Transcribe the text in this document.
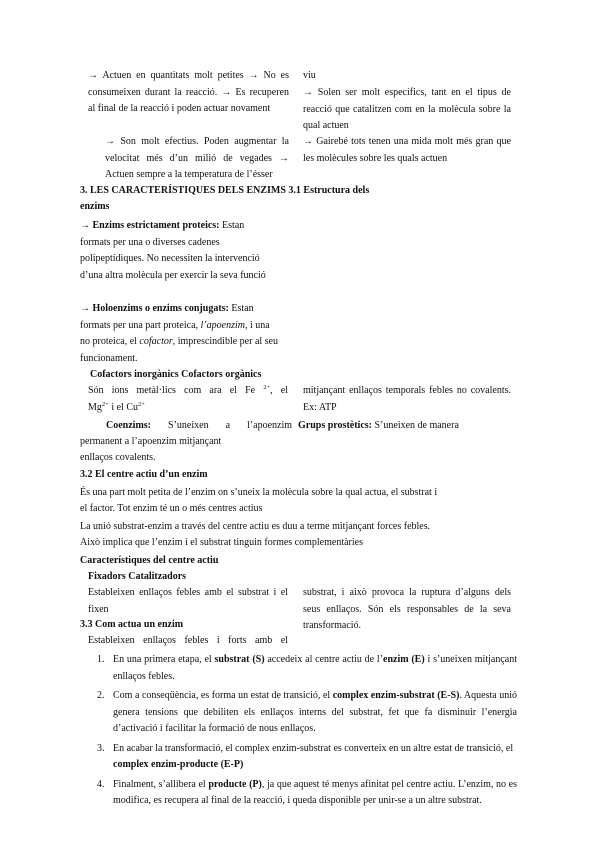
→ Actuen en quantitats molt petites → No es consumeixen durant la reacció. → Es recuperen al final de la reacció i poden actuar novament
→ Son molt efectius. Poden augmentar la velocitat més d’un milió de vegades → Actuen sempre a la temperatura de l’ésser
viu
→ Solen ser molt específics, tant en el tipus de reacció que catalitzen com en la molècula sobre la qual actuen
→ Gairebé tots tenen una mida molt més gran que les molècules sobre les quals actuen
3. LES CARACTERÍSTIQUES DELS ENZIMS 3.1 Estructura dels
enzims
→ Enzims estrictament proteics: Estan formats per una o diverses cadenes polipeptídiques. No necessiten la intervenció d’una altra molècula per exercir la seva funció
→ Holoenzims o enzims conjugats: Estan formats per una part proteica, l’apoenzim, i una no proteica, el cofactor, imprescindible per al seu funcionament.
Cofactors inorgànics Cofactors orgànics
Són ions metàl·lics com ara el Fe $^{2+}$, el
$Mg^{2+}$ i el $Cu^{2+}$
mitjançant enllaços temporals febles no covalents. Ex: ATP
Coenzims: S’uneixen a l’apoenzim Grups prostètics: S’uneixen de manera
permanent a l’apoenzim mitjançant
enllaços covalents.
3.2 El centre actiu d’un enzim
És una part molt petita de l’enzim on s’uneix la molècula sobre la qual actua, el substrat i
el factor. Tot enzim té un o més centres actius
La unió substrat-enzim a través del centre actiu es duu a terme mitjançant forces febles.
Això implica que l’enzim i el substrat tinguin formes complementàries
Característiques del centre actiu
Fixadors Catalitzadors
Estableixen enllaços febles amb el substrat i el fixen
substrat, i això provoca la ruptura d’alguns dels seus enllaços. Són els responsables de la seva transformació.
3.3 Com actua un enzim
Estableixen enllaços febles i forts amb el
1. En una primera etapa, el substrat (S) accedeix al centre actiu de l’enzim (E) i s’uneixen mitjançant enllaços febles.
2. Com a conseqüència, es forma un estat de transició, el complex enzim-substrat (E-S). Aquesta unió genera tensions que debiliten els enllaços interns del substrat, fet que fa disminuir l’energia d’activació i facilitar la formació de nous enllaços.
3. En acabar la transformació, el complex enzim-substrat es converteix en un altre estat de transició, el complex enzim-producte (E-P)
4. Finalment, s’allibera el producte (P), ja que aquest té menys afinitat pel centre actiu. L’enzim, no es modifica, es recupera al final de la reacció, i queda disponible per unir-se a un altre substrat.
